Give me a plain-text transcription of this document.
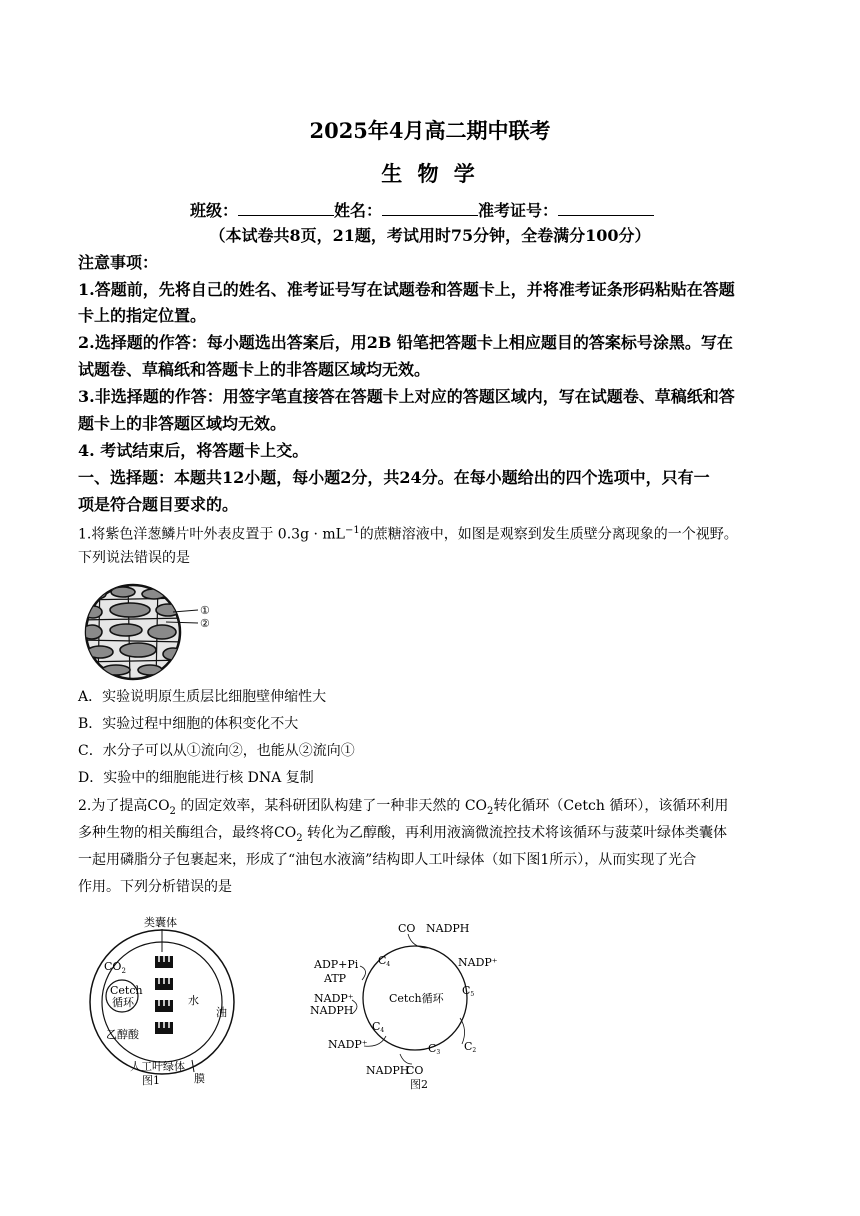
2025年4月高二期中联考
生 物 学
班级：	姓名：	准考证号：
（本试卷共8页，21题，考试用时75分钟，全卷满分100分）
注意事项：
1.答题前，先将自己的姓名、准考证号写在试题卷和答题卡上，并将准考证条形码粘贴在答题
卡上的指定位置。
2.选择题的作答：每小题选出答案后，用2B 铅笔把答题卡上相应题目的答案标号涂黑。写在
试题卷、草稿纸和答题卡上的非答题区域均无效。
3.非选择题的作答：用签字笔直接答在答题卡上对应的答题区域内，写在试题卷、草稿纸和答
题卡上的非答题区域均无效。
4. 考试结束后，将答题卡上交。
一、选择题：本题共12小题，每小题2分，共24分。在每小题给出的四个选项中，只有一
项是符合题目要求的。
1.将紫色洋葱鳞片叶外表皮置于 $0.3g \cdot mL^{-1}$的蔗糖溶液中，如图是观察到发生质壁分离现象的一个视野。
下列说法错误的是
①
②
A．实验说明原生质层比细胞壁伸缩性大
B．实验过程中细胞的体积变化不大
C．水分子可以从①流向②，也能从②流向①
D．实验中的细胞能进行核 DNA 复制
2.为了提高$CO_2$ 的固定效率，某科研团队构建了一种非天然的 $CO_2$转化循环（Cetch 循环），该循环利用
多种生物的相关酶组合，最终将$CO_2$ 转化为乙醇酸，再利用液滴微流控技术将该循环与菠菜叶绿体类囊体
一起用磷脂分子包裹起来，形成了“油包水液滴”结构即人工叶绿体（如下图1所示），从而实现了光合
作用。下列分析错误的是
类囊体
Cetch
循环
$CO_2$
乙醇酸
水
油
膜
人工叶绿体
图1
Cetch循环
CO NADPH
NADP⁺
C5
C2
C3
C4
C4
ADP+Pi
ATP
NADP⁺
NADPH
NADP⁺
NADPH
CO
图2
